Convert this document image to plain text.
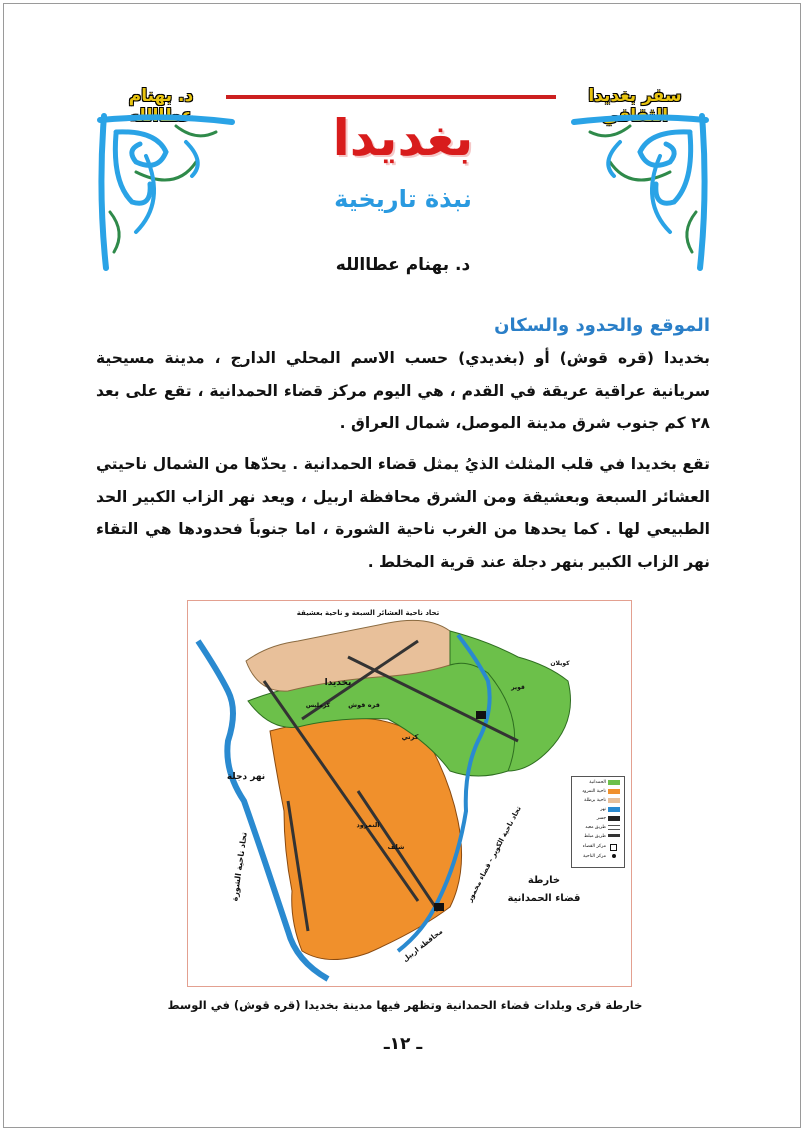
د. بهنام عطاالله
سفر بغديدا الثقافي
بغديدا
نبذة تاريخية
د. بهنام عطاالله
الموقع والحدود والسكان
بخديدا (قره قوش) أو (بغديدي) حسب الاسم المحلي الدارج ، مدينة مسيحية سريانية عراقية عريقة في القدم ، هي اليوم مركز قضاء الحمدانية ، تقع على بعد ٢٨ كم جنوب شرق مدينة الموصل، شمال العراق .
تقع بخديدا في قلب المثلث الذيُ يمثل قضاء الحمدانية . يحدّها من الشمال ناحيتي العشائر السبعة وبعشيقة ومن الشرق محافظة اربيل ، ويعد نهر الزاب الكبير الحد الطبيعي لها . كما يحدها من الغرب ناحية الشورة ، اما جنوباً فحدودها هي التقاء نهر الزاب الكبير بنهر دجلة عند قرية المخلط .
تحاد ناحية العشائر السبعة و ناحية بعشيقة
بخديدا
قره قوش
كرمليس
كرتي
النمرود
شلف
قوير
كويلان
نهر دجلة
تحاد ناحية الشورة	تحاد ناحية الكوير - قضاء مخمور
محافظة اربيل
خارطة
قضاء الحمدانية
الحمدانية
ناحية النمرود
ناحية برطلة
نهر
جسر
طريق معبد
طريق مبلط
مركز القضاء
مركز الناحية
خارطة قرى وبلدات قضاء الحمدانية وتظهر فيها مدينة بخديدا (قره قوش) في الوسط
ـ ١٢ـ
